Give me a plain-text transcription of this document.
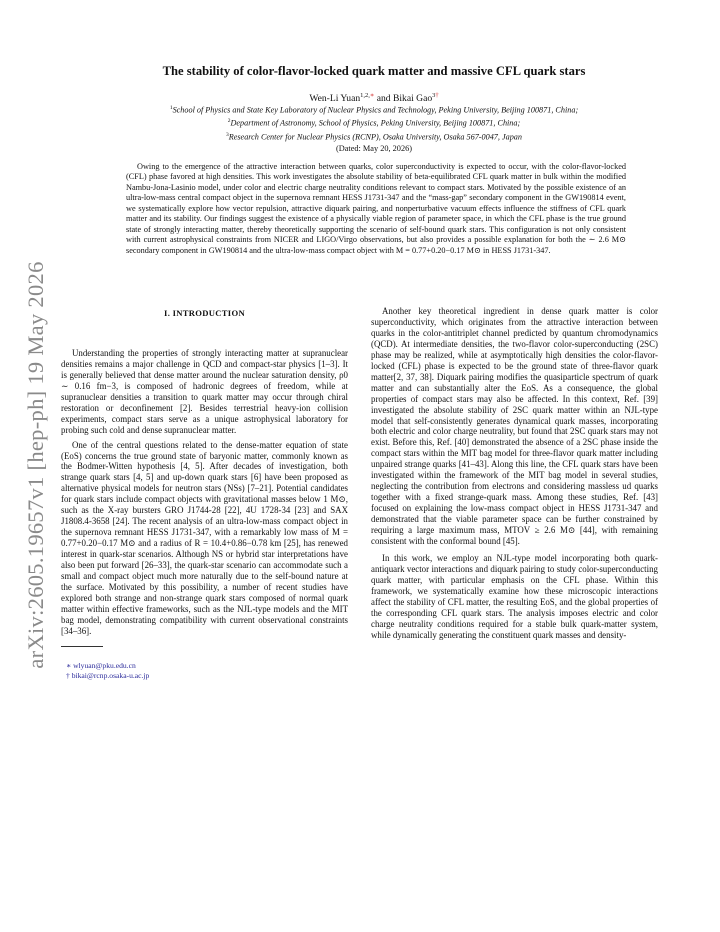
arXiv:2605.19657v1 [hep-ph] 19 May 2026
The stability of color-flavor-locked quark matter and massive CFL quark stars
Wen-Li Yuan$^{1,2,∗}$ and Bikai Gao$^{3\dagger}$
$^1$School of Physics and State Key Laboratory of Nuclear Physics and Technology, Peking University, Beijing 100871, China;
$^2$Department of Astronomy, School of Physics, Peking University, Beijing 100871, China;
$^3$Research Center for Nuclear Physics (RCNP), Osaka University, Osaka 567-0047, Japan
(Dated: May 20, 2026)

Owing to the emergence of the attractive interaction between quarks, color superconductivity is expected to occur, with the color-flavor-locked (CFL) phase favored at high densities. This work investigates the absolute stability of beta-equilibrated CFL quark matter in bulk within the modified Nambu-Jona-Lasinio model, under color and electric charge neutrality conditions relevant to compact stars. Motivated by the possible existence of an ultra-low-mass central compact object in the supernova remnant HESS J1731-347 and the “mass-gap” secondary component in the GW190814 event, we systematically explore how vector repulsion, attractive diquark pairing, and nonperturbative vacuum effects influence the stiffness of CFL quark matter and its stability. Our findings suggest the existence of a physically viable region of parameter space, in which the CFL phase is the true ground state of strongly interacting matter, thereby theoretically supporting the scenario of self-bound quark stars. This configuration is not only consistent with current astrophysical constraints from NICER and LIGO/Virgo observations, but also provides a possible explanation for both the ∼ 2.6 M⊙ secondary component in GW190814 and the ultra-low-mass compact object with M = 0.77+0.20−0.17 M⊙ in HESS J1731-347.

I. INTRODUCTION

Understanding the properties of strongly interacting matter at supranuclear densities remains a major challenge in QCD and compact-star physics [1–3]. It is generally believed that dense matter around the nuclear saturation density, ρ0 ∼ 0.16 fm−3, is composed of hadronic degrees of freedom, while at supranuclear densities a transition to quark matter may occur through chiral restoration or deconfinement [2]. Besides terrestrial heavy-ion collision experiments, compact stars serve as a unique astrophysical laboratory for probing such cold and dense supranuclear matter.

One of the central questions related to the dense-matter equation of state (EoS) concerns the true ground state of baryonic matter, commonly known as the Bodmer-Witten hypothesis [4, 5]. After decades of investigation, both strange quark stars [4, 5] and up-down quark stars [6] have been proposed as alternative physical models for neutron stars (NSs) [7–21]. Potential candidates for quark stars include compact objects with gravitational masses below 1 M⊙, such as the X-ray bursters GRO J1744-28 [22], 4U 1728-34 [23] and SAX J1808.4-3658 [24]. The recent analysis of an ultra-low-mass compact object in the supernova remnant HESS J1731-347, with a remarkably low mass of M = 0.77+0.20−0.17 M⊙ and a radius of R = 10.4+0.86−0.78 km [25], has renewed interest in quark-star scenarios. Although NS or hybrid star interpretations have also been put forward [26–33], the quark-star scenario can accommodate such a small and compact object much more naturally due to the self-bound nature at the surface. Motivated by this possibility, a number of recent studies have explored both strange and non-strange quark stars composed of normal quark matter within effective frameworks, such as the NJL-type models and the MIT bag model, demonstrating compatibility with current observational constraints [34–36].

∗ wlyuan@pku.edu.cn
† bikai@rcnp.osaka-u.ac.jp

Another key theoretical ingredient in dense quark matter is color superconductivity, which originates from the attractive interaction between quarks in the color-antitriplet channel predicted by quantum chromodynamics (QCD). At intermediate densities, the two-flavor color-superconducting (2SC) phase may be realized, while at asymptotically high densities the color-flavor-locked (CFL) phase is expected to be the ground state of three-flavor quark matter[2, 37, 38]. Diquark pairing modifies the quasiparticle spectrum of quark matter and can substantially alter the EoS. As a consequence, the global properties of compact stars may also be affected. In this context, Ref. [39] investigated the absolute stability of 2SC quark matter within an NJL-type model that self-consistently generates dynamical quark masses, incorporating both electric and color charge neutrality, but found that 2SC quark stars may not exist. Before this, Ref. [40] demonstrated the absence of a 2SC phase inside the compact stars within the MIT bag model for three-flavor quark matter including unpaired strange quarks [41–43]. Along this line, the CFL quark stars have been investigated within the framework of the MIT bag model in several studies, neglecting the contribution from electrons and considering massless ud quarks together with a fixed strange-quark mass. Among these studies, Ref. [43] focused on explaining the low-mass compact object in HESS J1731-347 and demonstrated that the viable parameter space can be further constrained by requiring a large maximum mass, MTOV ≥ 2.6 M⊙ [44], with remaining consistent with the conformal bound [45].

In this work, we employ an NJL-type model incorporating both quark-antiquark vector interactions and diquark pairing to study color-superconducting quark matter, with particular emphasis on the CFL phase. Within this framework, we systematically examine how these microscopic interactions affect the stability of CFL matter, the resulting EoS, and the global properties of the corresponding CFL quark stars. The analysis imposes electric and color charge neutrality conditions required for a stable bulk quark-matter system, while dynamically generating the constituent quark masses and density-
